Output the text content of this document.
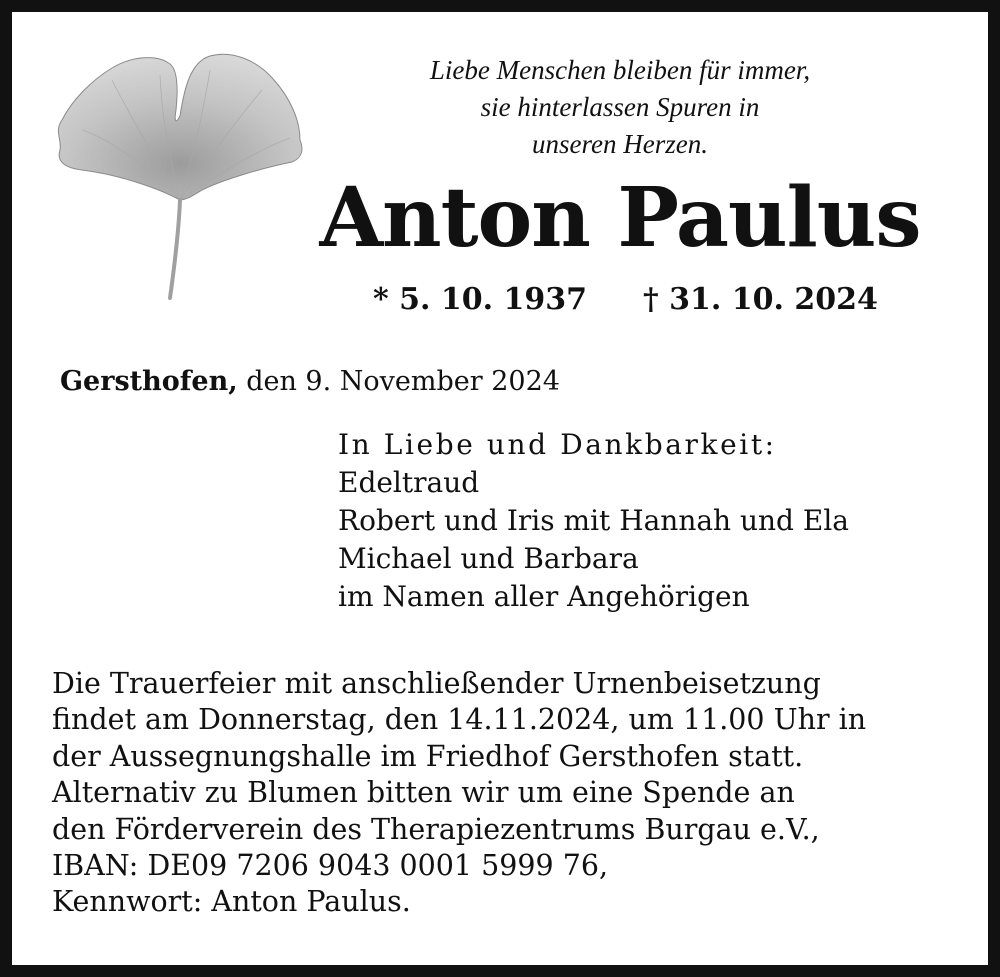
Liebe Menschen bleiben für immer,
sie hinterlassen Spuren in
unseren Herzen.
Anton Paulus
* 5. 10. 1937 † 31. 10. 2024
Gersthofen, den 9. November 2024
In Liebe und Dankbarkeit:
Edeltraud
Robert und Iris mit Hannah und Ela
Michael und Barbara
im Namen aller Angehörigen
Die Trauerfeier mit anschließender Urnenbeisetzung
findet am Donnerstag, den 14.11.2024, um 11.00 Uhr in
der Aussegnungshalle im Friedhof Gersthofen statt.
Alternativ zu Blumen bitten wir um eine Spende an
den Förderverein des Therapiezentrums Burgau e.V.,
IBAN: DE09 7206 9043 0001 5999 76,
Kennwort: Anton Paulus.
